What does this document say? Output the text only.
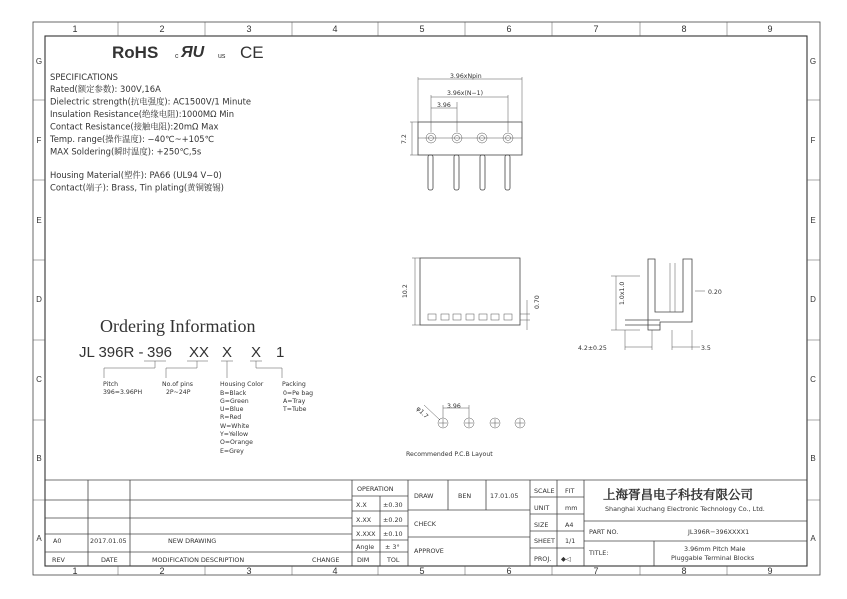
1	2	3	4	5	6	7	8	9
1	2	3	4	5	6	7	8	9
G
F
E
D
C
B
A
G
F
E
D
C
B
A
RoHS c ЯU us CE
SPECIFICATIONS
Rated(额定参数): 300V,16A
Dielectric strength(抗电强度): AC1500V/1 Minute
Insulation Resistance(绝缘电阻):1000MΩ Min
Contact Resistance(接触电阻):20mΩ Max
Temp. range(操作温度): −40℃~+105℃
MAX Soldering(瞬时温度): +250℃,5s
Housing Material(塑件): PA66 (UL94 V−0)
Contact(端子): Brass, Tin plating(黄铜镀锡)
Ordering Information
JL 396R - 396 XX X X 1
Pitch
396=3.96PH
No.of pins
2P~24P
Housing Color
B=Black
G=Green
U=Blue
R=Red
W=White
Y=Yellow
O=Orange
E=Grey
Packing
0=Pe bag
A=Tray
T=Tube
3.96xNpin
3.96x(N−1)
3.96
7.2
10.2
0.70	1.0x1.0	0.20
4.2±0.25	3.5
3.96
φ1.7
Recommended P.C.B Layout
OPERATION
X.X	±0.30
X.XX ±0.20
X.XXX ±0.10
Angle ± 3°
DIM	TOL
DRAW	BEN	17.01.05
CHECK
APPROVE
SCALE FIT
UNIT mm
SIZE	A4
SHEET 1/1
PROJ. ◆◁
上海胥昌电子科技有限公司
Shanghai Xuchang Electronic Technology Co., Ltd.
PART NO.	JL396R−396XXXX1
TITLE:	3.96mm Pitch Male
Pluggable Terminal Blocks
A0	2017.01.05	NEW DRAWING
REV	DATE	MODIFICATION DESCRIPTION	CHANGE
